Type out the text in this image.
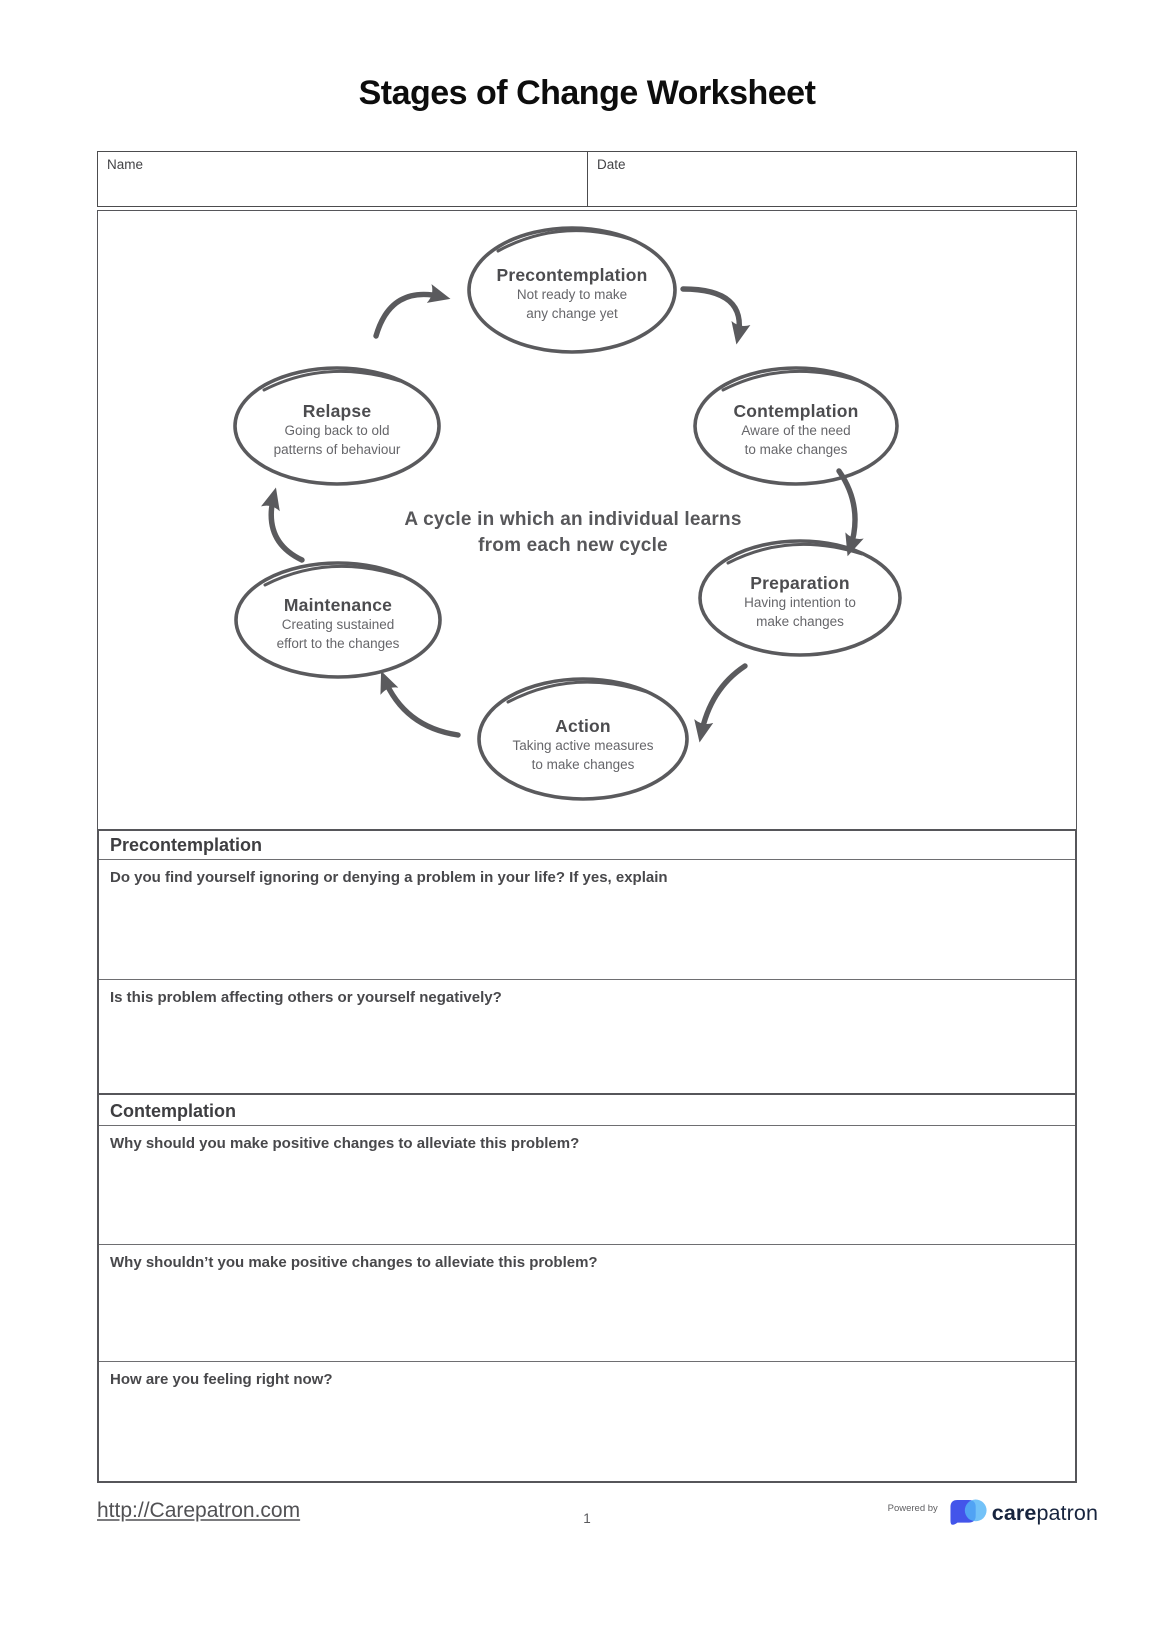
Stages of Change Worksheet
Name	Date
Precontemplation
Not ready to make
any change yet
Contemplation
Aware of the need
to make changes
Preparation
Having intention to
make changes
Action
Taking active measures
to make changes
Maintenance
Creating sustained
effort to the changes
Relapse
Going back to old
patterns of behaviour
A cycle in which an individual learns
from each new cycle
Precontemplation
Do you find yourself ignoring or denying a problem in your life? If yes, explain
Is this problem affecting others or yourself negatively?
Contemplation
Why should you make positive changes to alleviate this problem?
Why shouldn’t you make positive changes to alleviate this problem?
How are you feeling right now?
http://Carepatron.com	1
Powered by	carepatron
